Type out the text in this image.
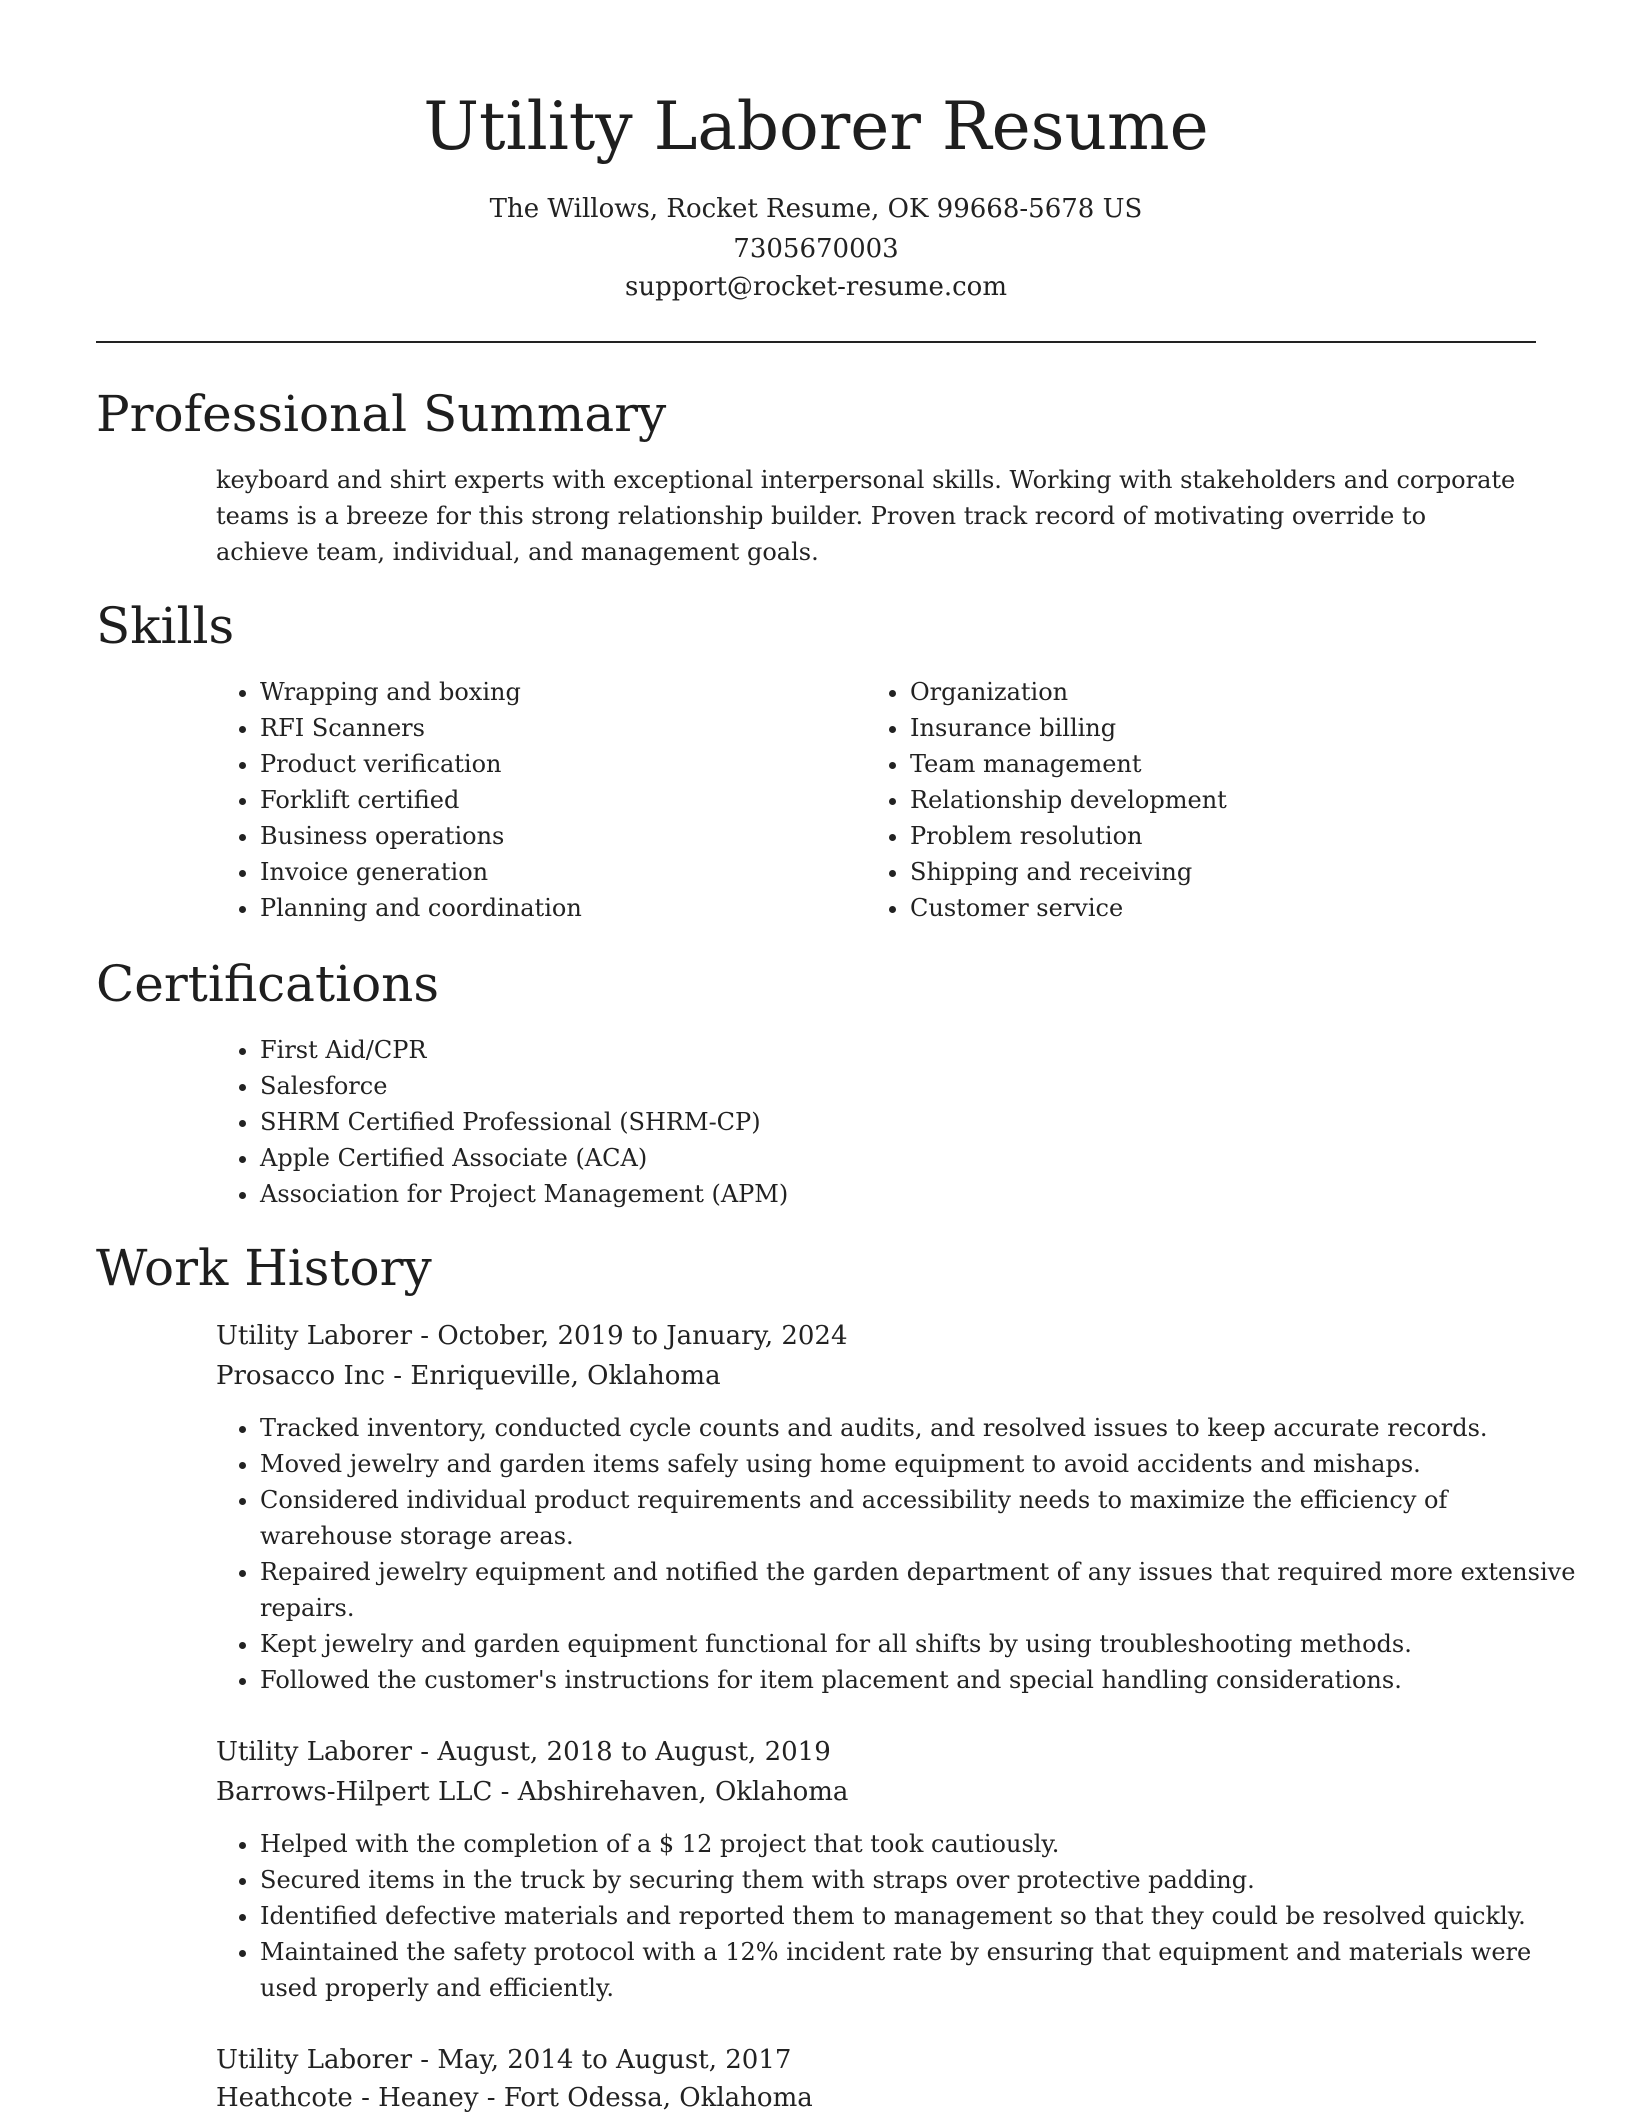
Utility Laborer Resume
The Willows, Rocket Resume, OK 99668-5678 US
7305670003
support@rocket-resume.com
Professional Summary

keyboard and shirt experts with exceptional interpersonal skills. Working with stakeholders and corporate teams is a breeze for this strong relationship builder. Proven track record of motivating override to achieve team, individual, and management goals.

Skills
• Wrapping and boxing
• RFI Scanners
• Product verification
• Forklift certified
• Business operations
• Invoice generation
• Planning and coordination
• Organization
• Insurance billing
• Team management
• Relationship development
• Problem resolution
• Shipping and receiving
• Customer service
Certifications
• First Aid/CPR
• Salesforce
• SHRM Certified Professional (SHRM-CP)
• Apple Certified Associate (ACA)
• Association for Project Management (APM)
Work History
Utility Laborer - October, 2019 to January, 2024
Prosacco Inc - Enriqueville, Oklahoma
• Tracked inventory, conducted cycle counts and audits, and resolved issues to keep accurate records.
• Moved jewelry and garden items safely using home equipment to avoid accidents and mishaps.
• Considered individual product requirements and accessibility needs to maximize the efficiency of warehouse storage areas.
• Repaired jewelry equipment and notified the garden department of any issues that required more extensive repairs.
• Kept jewelry and garden equipment functional for all shifts by using troubleshooting methods.
• Followed the customer's instructions for item placement and special handling considerations.
Utility Laborer - August, 2018 to August, 2019
Barrows-Hilpert LLC - Abshirehaven, Oklahoma
• Helped with the completion of a $ 12 project that took cautiously.
• Secured items in the truck by securing them with straps over protective padding.
• Identified defective materials and reported them to management so that they could be resolved quickly.
• Maintained the safety protocol with a 12% incident rate by ensuring that equipment and materials were used properly and efficiently.
Utility Laborer - May, 2014 to August, 2017
Heathcote - Heaney - Fort Odessa, Oklahoma
